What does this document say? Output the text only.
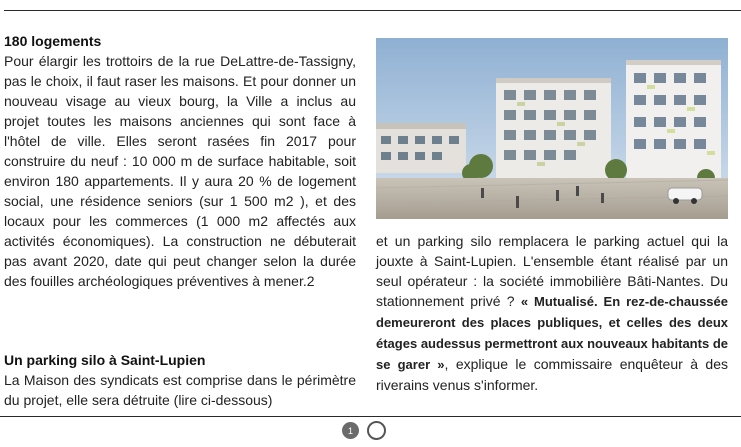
180 logements

Pour élargir les trottoirs de la rue DeLattre-de-Tassigny, pas le choix, il faut raser les maisons. Et pour donner un nouveau visage au vieux bourg, la Ville a inclus au projet toutes les maisons anciennes qui sont face à l'hôtel de ville. Elles seront rasées fin 2017 pour construire du neuf : 10 000 m de surface habitable, soit environ 180 appartements. Il y aura 20 % de logement social, une résidence seniors (sur 1 500 m2 ), et des locaux pour les commerces (1 000 m2 affectés aux activités économiques). La construction ne débuterait pas avant 2020, date qui peut changer selon la durée des fouilles archéologiques préventives à mener.2

Un parking silo à Saint-Lupien

La Maison des syndicats est comprise dans le périmètre du projet, elle sera détruite (lire ci-dessous)

et un parking silo remplacera le parking actuel qui la jouxte à Saint-Lupien. L'ensemble étant réalisé par un seul opérateur : la société immobilière Bâti-Nantes. Du stationnement privé ? « Mutualisé. En rez-de-chaussée demeureront des places publiques, et celles des deux étages audessus permettront aux nouveaux habitants de se garer », explique le commissaire enquêteur à des riverains venus s'informer.

1
